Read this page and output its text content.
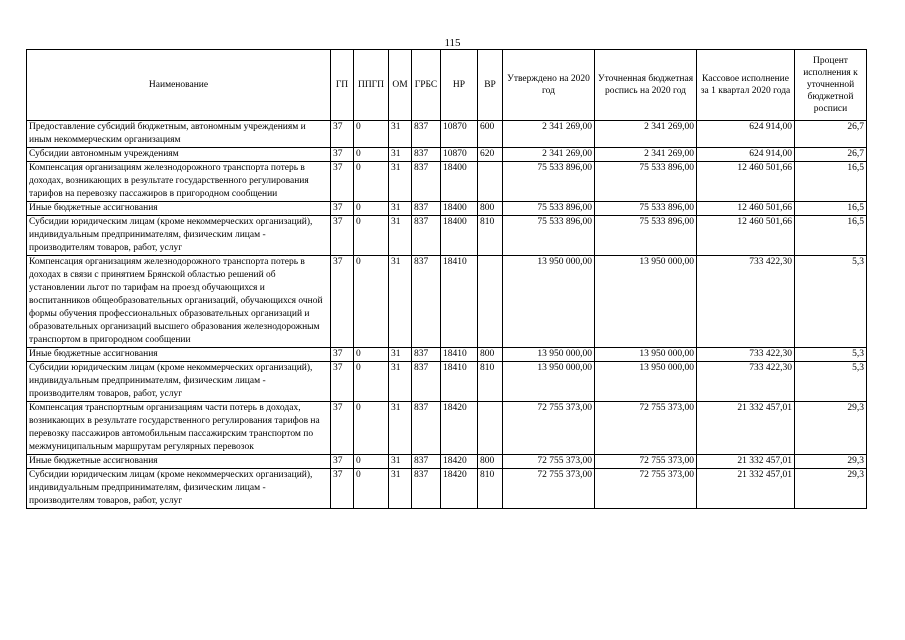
115
Наименование	ГП	ППГП	ОМ	ГРБС	НР	ВР	Утверждено на 2020 год	Уточненная бюджетная роспись на 2020 год	Кассовое исполнение за 1 квартал 2020 года	Процент исполнения к уточненной бюджетной росписи
Предоставление субсидий бюджетным, автономным учреждениям и иным некоммерческим организациям	37	0	31	837	10870	600	2 341 269,00	2 341 269,00	624 914,00	26,7
Субсидии автономным учреждениям	37	0	31	837	10870	620	2 341 269,00	2 341 269,00	624 914,00	26,7
Компенсация организациям железнодорожного транспорта потерь в доходах, возникающих в результате государственного регулирования тарифов на перевозку пассажиров в пригородном сообщении	37	0	31	837	18400		75 533 896,00	75 533 896,00	12 460 501,66	16,5
Иные бюджетные ассигнования	37	0	31	837	18400	800	75 533 896,00	75 533 896,00	12 460 501,66	16,5
Субсидии юридическим лицам (кроме некоммерческих организаций), индивидуальным предпринимателям, физическим лицам - производителям товаров, работ, услуг	37	0	31	837	18400	810	75 533 896,00	75 533 896,00	12 460 501,66	16,5
Компенсация организациям железнодорожного транспорта потерь в доходах в связи с принятием Брянской областью решений об установлении льгот по тарифам на проезд обучающихся и воспитанников общеобразовательных организаций, обучающихся очной формы обучения профессиональных образовательных организаций и образовательных организаций высшего образования железнодорожным транспортом в пригородном сообщении	37	0	31	837	18410		13 950 000,00	13 950 000,00	733 422,30	5,3
Иные бюджетные ассигнования	37	0	31	837	18410	800	13 950 000,00	13 950 000,00	733 422,30	5,3
Субсидии юридическим лицам (кроме некоммерческих организаций), индивидуальным предпринимателям, физическим лицам - производителям товаров, работ, услуг	37	0	31	837	18410	810	13 950 000,00	13 950 000,00	733 422,30	5,3
Компенсация транспортным организациям части потерь в доходах, возникающих в результате государственного регулирования тарифов на перевозку пассажиров автомобильным пассажирским транспортом по межмуниципальным маршрутам регулярных перевозок	37	0	31	837	18420		72 755 373,00	72 755 373,00	21 332 457,01	29,3
Иные бюджетные ассигнования	37	0	31	837	18420	800	72 755 373,00	72 755 373,00	21 332 457,01	29,3
Субсидии юридическим лицам (кроме некоммерческих организаций), индивидуальным предпринимателям, физическим лицам - производителям товаров, работ, услуг	37	0	31	837	18420	810	72 755 373,00	72 755 373,00	21 332 457,01	29,3
